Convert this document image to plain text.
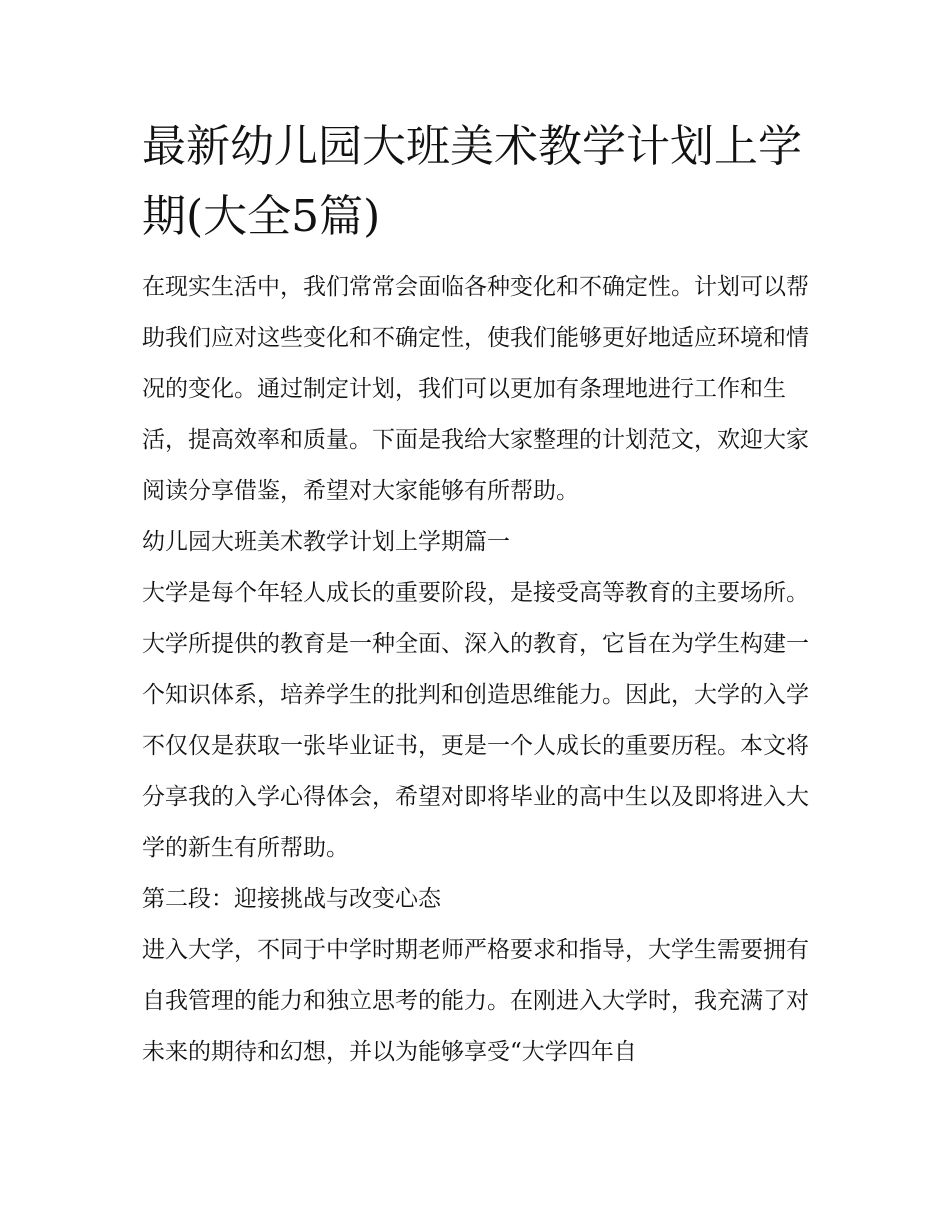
最新幼儿园大班美术教学计划上学期(大全5篇)

在现实生活中，我们常常会面临各种变化和不确定性。计划可以帮助我们应对这些变化和不确定性，使我们能够更好地适应环境和情况的变化。通过制定计划，我们可以更加有条理地进行工作和生活，提高效率和质量。下面是我给大家整理的计划范文，欢迎大家阅读分享借鉴，希望对大家能够有所帮助。

幼儿园大班美术教学计划上学期篇一

大学是每个年轻人成长的重要阶段，是接受高等教育的主要场所。大学所提供的教育是一种全面、深入的教育，它旨在为学生构建一个知识体系，培养学生的批判和创造思维能力。因此，大学的入学不仅仅是获取一张毕业证书，更是一个人成长的重要历程。本文将分享我的入学心得体会，希望对即将毕业的高中生以及即将进入大学的新生有所帮助。

第二段：迎接挑战与改变心态

进入大学，不同于中学时期老师严格要求和指导，大学生需要拥有自我管理的能力和独立思考的能力。在刚进入大学时，我充满了对未来的期待和幻想，并以为能够享受“大学四年自
